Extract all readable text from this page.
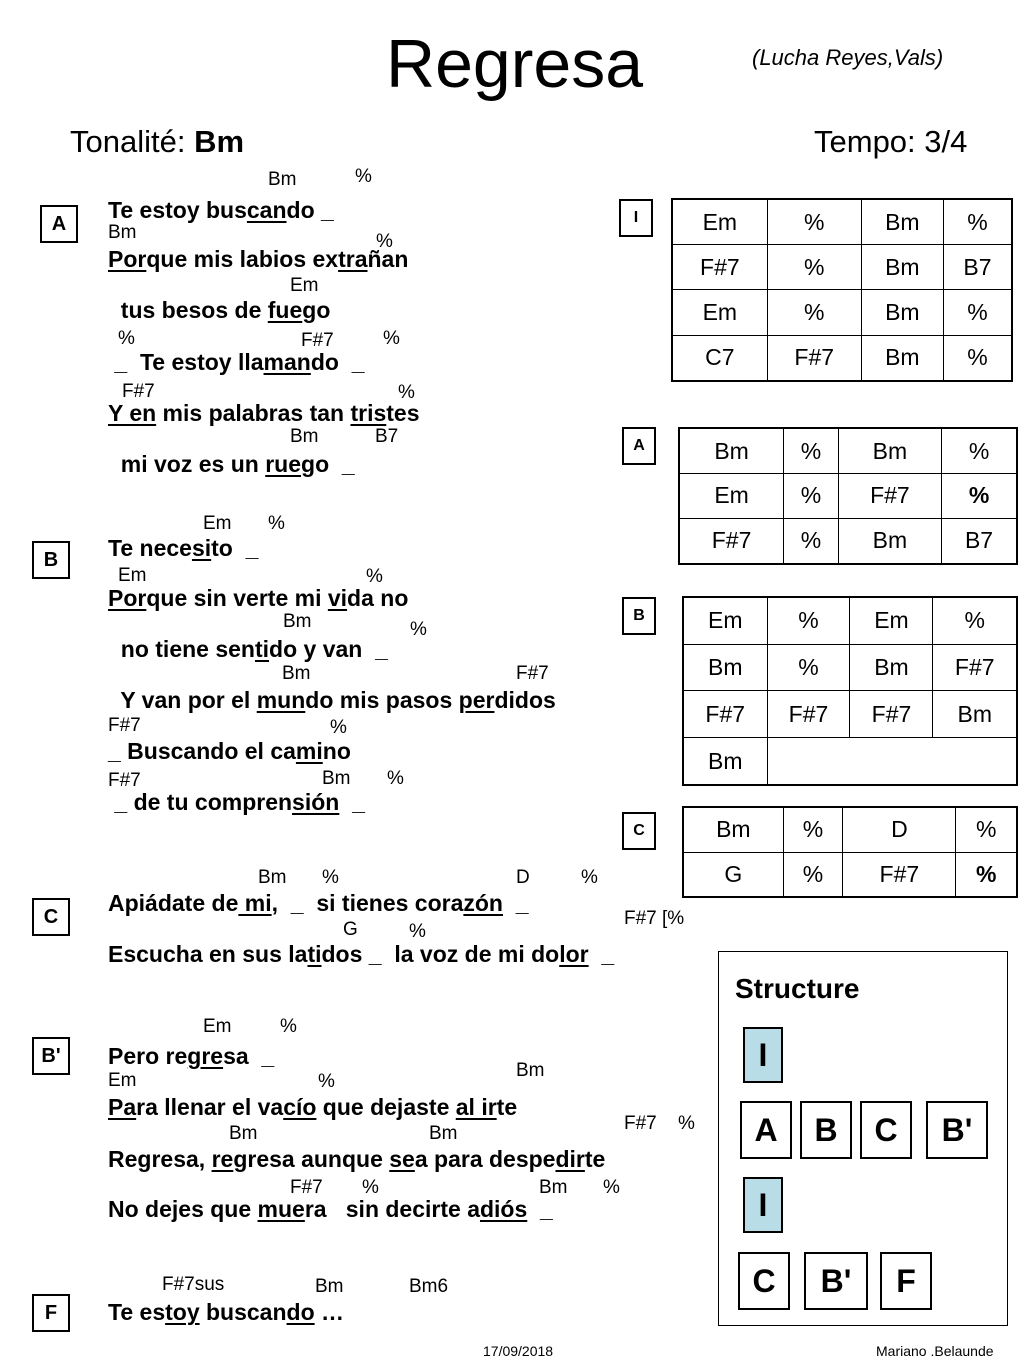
Regresa	(Lucha Reyes,Vals)
Tonalité: Bm	Tempo: 3/4
A
B
C
B'
F
Bm	%
Bm	%
Em
%	F#7	%
F#7	%
Bm	B7
Te estoy buscando _
Porque mis labios extrañan
tus besos de fuego
_  Te estoy llamando  _
Y en mis palabras tan tristes
mi voz es un ruego  _
Em %
Em	%
Bm	%
Bm	F#7
F#7	%
F#7	Bm %
Te necesito  _
Porque sin verte mi vida no
no tiene sentido y van  _
Y van por el mundo mis pasos perdidos
_ Buscando el camino
_ de tu comprensión  _
Bm %	D	%
F#7 [%
G	%
Apiádate de mi,  _  si tienes corazón  _
Escucha en sus latidos _  la voz de mi dolor  _
Em	%
Em	%
Bm
F#7 %
Bm	Bm
F#7 %	Bm %
Pero regresa  _
Para llenar el vacío que dejaste al irte
Regresa, regresa aunque sea para despedirte
No dejes que muera   sin decirte adiós  _
F#7sus	Bm	Bm6
Te estoy buscando …
I	Em	%	Bm	%
F#7	%	Bm	B7
Em	%	Bm	%
C7	F#7	Bm	%
A	Bm	%	Bm	%
Em	%	F#7	%
F#7	%	Bm	B7
B	Em	%	Em	%
Bm	%	Bm	F#7
F#7	F#7	F#7	Bm
Bm			
C	Bm	%	D	%
G	%	F#7	%
Structure
I
A	B	C	B'
I
C	B'	F
17/09/2018	Mariano .Belaunde
